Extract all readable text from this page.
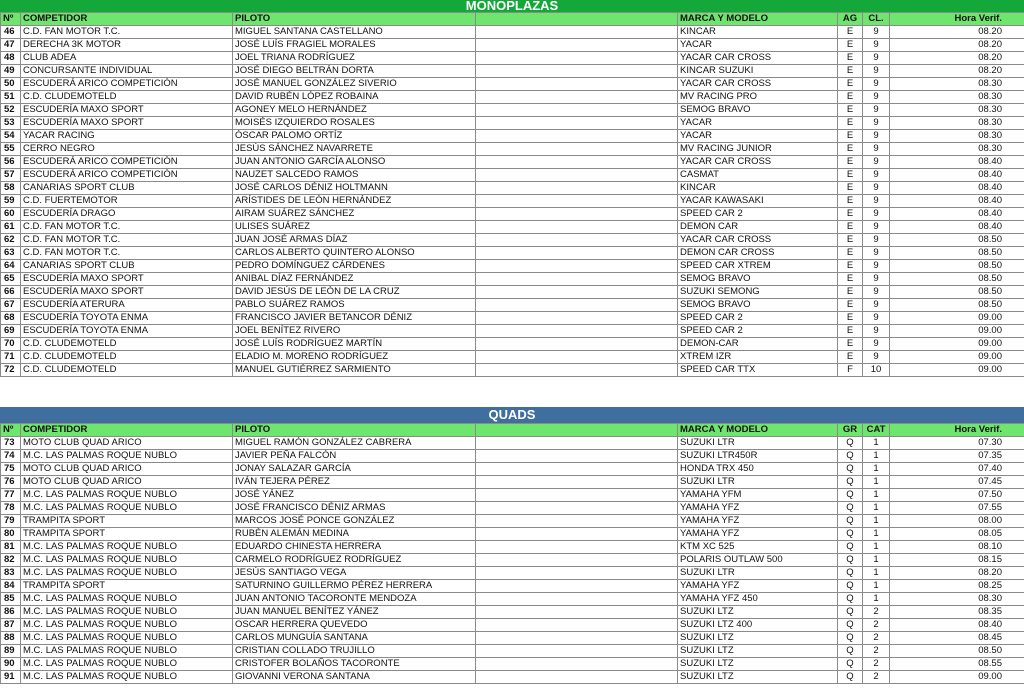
MONOPLAZAS
Nº	COMPETIDOR	PILOTO		MARCA Y MODELO	AG	CL.	Hora Verif.
46	C.D. FAN MOTOR T.C.	MIGUEL SANTANA CASTELLANO		KINCAR	E	9	08.20
47	DERECHA 3K MOTOR	JOSÉ LUÍS FRAGIEL MORALES		YACAR	E	9	08.20
48	CLUB ADEA	JOEL TRIANA RODRÍGUEZ		YACAR CAR CROSS	E	9	08.20
49	CONCURSANTE INDIVIDUAL	JOSÉ DIEGO BELTRÁN DORTA		KINCAR SUZUKI	E	9	08.20
50	ESCUDERÁ ARICO COMPETICIÓN	JOSÉ MANUEL GONZÁLEZ SIVERIO		YACAR CAR CROSS	E	9	08.30
51	C.D. CLUDEMOTELD	DAVID RUBÉN LÓPEZ ROBAINA		MV RACING PRO	E	9	08.30
52	ESCUDERÍA MAXO SPORT	AGONEY MELO HERNÁNDEZ		SEMOG BRAVO	E	9	08.30
53	ESCUDERÍA MAXO SPORT	MOISÉS IZQUIERDO ROSALES		YACAR	E	9	08.30
54	YACAR RACING	ÓSCAR PALOMO ORTÍZ		YACAR	E	9	08.30
55	CERRO NEGRO	JESÚS SÁNCHEZ NAVARRETE		MV RACING JUNIOR	E	9	08.30
56	ESCUDERÁ ARICO COMPETICIÓN	JUAN ANTONIO GARCÍA ALONSO		YACAR CAR CROSS	E	9	08.40
57	ESCUDERÁ ARICO COMPETICIÓN	NAUZET SALCEDO RAMOS		CASMAT	E	9	08.40
58	CANARIAS SPORT CLUB	JOSÉ CARLOS DÉNIZ HOLTMANN		KINCAR	E	9	08.40
59	C.D. FUERTEMOTOR	ARÍSTIDES DE LEÓN HERNÁNDEZ		YACAR KAWASAKI	E	9	08.40
60	ESCUDERÍA DRAGO	AIRAM SUÁREZ SÁNCHEZ		SPEED CAR 2	E	9	08.40
61	C.D. FAN MOTOR T.C.	ULISES SUÁREZ		DEMON CAR	E	9	08.40
62	C.D. FAN MOTOR T.C.	JUAN JOSÉ ARMAS DÍAZ		YACAR CAR CROSS	E	9	08.50
63	C.D. FAN MOTOR T.C.	CARLOS ALBERTO QUINTERO ALONSO		DEMON CAR CROSS	E	9	08.50
64	CANARIAS SPORT CLUB	PEDRO DOMÍNGUEZ CÁRDENES		SPEED CAR XTREM	E	9	08.50
65	ESCUDERÍA MAXO SPORT	ANIBAL DÍAZ FERNÁNDEZ		SEMOG BRAVO	E	9	08.50
66	ESCUDERÍA MAXO SPORT	DAVID JESÚS DE LEÓN DE LA CRUZ		SUZUKI SEMONG	E	9	08.50
67	ESCUDERÍA ATERURA	PABLO SUÁREZ RAMOS		SEMOG BRAVO	E	9	08.50
68	ESCUDERÍA TOYOTA ENMA	FRANCISCO JAVIER BETANCOR DÉNIZ		SPEED CAR 2	E	9	09.00
69	ESCUDERÍA TOYOTA ENMA	JOEL BENÍTEZ RIVERO		SPEED CAR 2	E	9	09.00
70	C.D. CLUDEMOTELD	JOSÉ LUÍS RODRÍGUEZ MARTÍN		DEMON-CAR	E	9	09.00
71	C.D. CLUDEMOTELD	ELADIO M. MORENO RODRÍGUEZ		XTREM IZR	E	9	09.00
72	C.D. CLUDEMOTELD	MANUEL GUTIÉRREZ SARMIENTO		SPEED CAR TTX	F	10	09.00
QUADS
Nº	COMPETIDOR	PILOTO		MARCA Y MODELO	GR	CAT	Hora Verif.
73	MOTO CLUB QUAD ARICO	MIGUEL RAMÓN GONZÁLEZ CABRERA		SUZUKI LTR	Q	1	07.30
74	M.C. LAS PALMAS ROQUE NUBLO	JAVIER PEÑA FALCÓN		SUZUKI LTR450R	Q	1	07.35
75	MOTO CLUB QUAD ARICO	JONAY SALAZAR GARCÍA		HONDA TRX 450	Q	1	07.40
76	MOTO CLUB QUAD ARICO	IVÁN TEJERA PÉREZ		SUZUKI LTR	Q	1	07.45
77	M.C. LAS PALMAS ROQUE NUBLO	JOSÉ YÁNEZ		YAMAHA YFM	Q	1	07.50
78	M.C. LAS PALMAS ROQUE NUBLO	JOSÉ FRANCISCO DÉNIZ ARMAS		YAMAHA YFZ	Q	1	07.55
79	TRAMPITA SPORT	MARCOS JOSÉ PONCE GONZÁLEZ		YAMAHA YFZ	Q	1	08.00
80	TRAMPITA SPORT	RUBÉN ALEMÁN MEDINA		YAMAHA YFZ	Q	1	08.05
81	M.C. LAS PALMAS ROQUE NUBLO	EDUARDO CHINESTA HERRERA		KTM XC 525	Q	1	08.10
82	M.C. LAS PALMAS ROQUE NUBLO	CARMELO RODRÍGUEZ RODRÍGUEZ		POLARIS OUTLAW 500	Q	1	08.15
83	M.C. LAS PALMAS ROQUE NUBLO	JESÚS SANTIAGO VEGA		SUZUKI LTR	Q	1	08.20
84	TRAMPITA SPORT	SATURNINO GUILLERMO PÉREZ HERRERA		YAMAHA YFZ	Q	1	08.25
85	M.C. LAS PALMAS ROQUE NUBLO	JUAN ANTONIO TACORONTE MENDOZA		YAMAHA YFZ 450	Q	1	08.30
86	M.C. LAS PALMAS ROQUE NUBLO	JUAN MANUEL BENÍTEZ YÁNEZ		SUZUKI LTZ	Q	2	08.35
87	M.C. LAS PALMAS ROQUE NUBLO	OSCAR HERRERA QUEVEDO		SUZUKI LTZ 400	Q	2	08.40
88	M.C. LAS PALMAS ROQUE NUBLO	CARLOS MUNGUÍA SANTANA		SUZUKI LTZ	Q	2	08.45
89	M.C. LAS PALMAS ROQUE NUBLO	CRISTIAN COLLADO TRUJILLO		SUZUKI LTZ	Q	2	08.50
90	M.C. LAS PALMAS ROQUE NUBLO	CRISTOFER BOLAÑOS TACORONTE		SUZUKI LTZ	Q	2	08.55
91	M.C. LAS PALMAS ROQUE NUBLO	GIOVANNI VERONA SANTANA		SUZUKI LTZ	Q	2	09.00
